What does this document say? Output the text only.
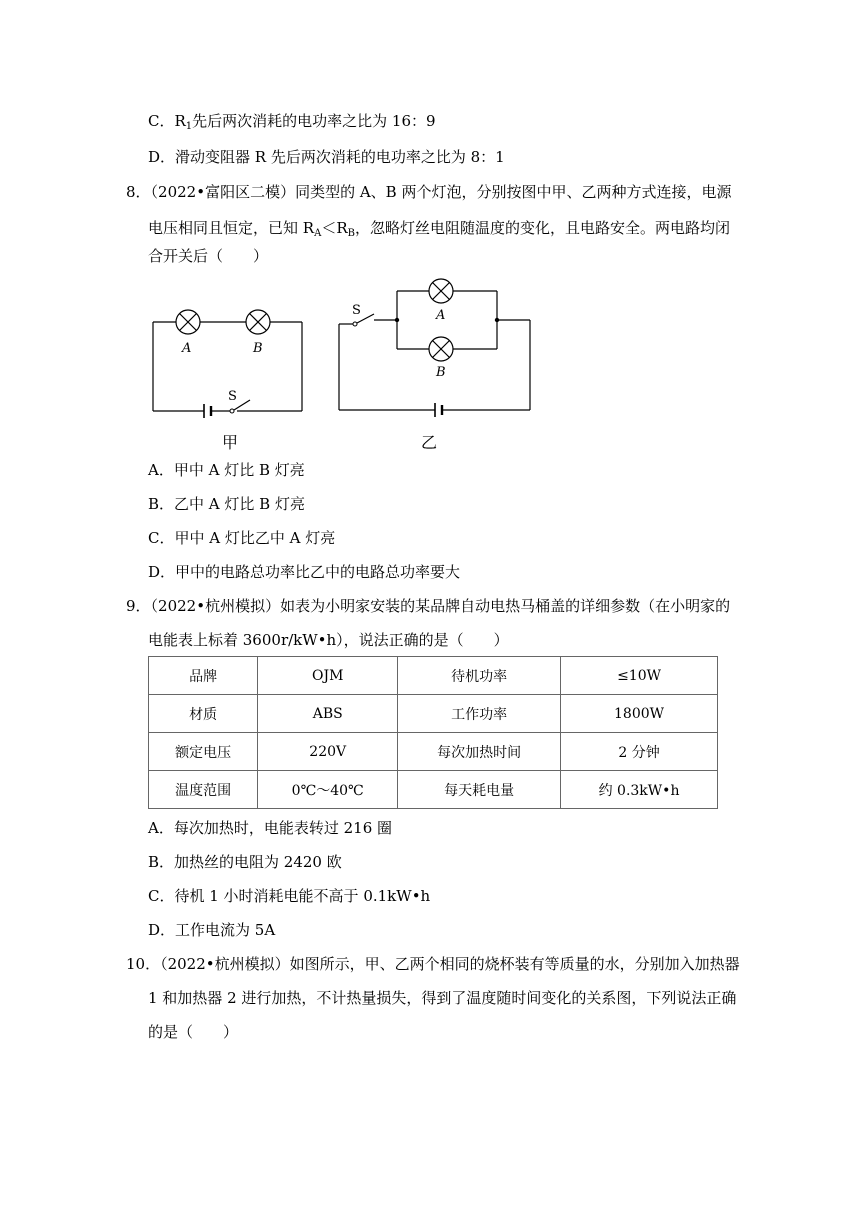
C．$R_1$先后两次消耗的电功率之比为 16：9
D．滑动变阻器 R 先后两次消耗的电功率之比为 8：1
8．（2022•富阳区二模）同类型的 A、B 两个灯泡，分别按图中甲、乙两种方式连接，电源
电压相同且恒定，已知 $R_A<R_B$，忽略灯丝电阻随温度的变化，且电路安全。两电路均闭
合开关后（　　）
A	B
S
甲
S	A
B
乙
A．甲中 A 灯比 B 灯亮
B．乙中 A 灯比 B 灯亮
C．甲中 A 灯比乙中 A 灯亮
D．甲中的电路总功率比乙中的电路总功率要大
9．（2022•杭州模拟）如表为小明家安装的某品牌自动电热马桶盖的详细参数（在小明家的
电能表上标着 3600r/kW•h），说法正确的是（　　）
品牌	OJM	待机功率	≤10W
材质	ABS	工作功率	1800W
额定电压	220V	每次加热时间	2 分钟
温度范围	0℃～40℃	每天耗电量	约 0.3kW•h
A．每次加热时，电能表转过 216 圈
B．加热丝的电阻为 2420 欧
C．待机 1 小时消耗电能不高于 0.1kW•h
D．工作电流为 5A
10．（2022•杭州模拟）如图所示，甲、乙两个相同的烧杯装有等质量的水，分别加入加热器
1 和加热器 2 进行加热，不计热量损失，得到了温度随时间变化的关系图，下列说法正确
的是（　　）
